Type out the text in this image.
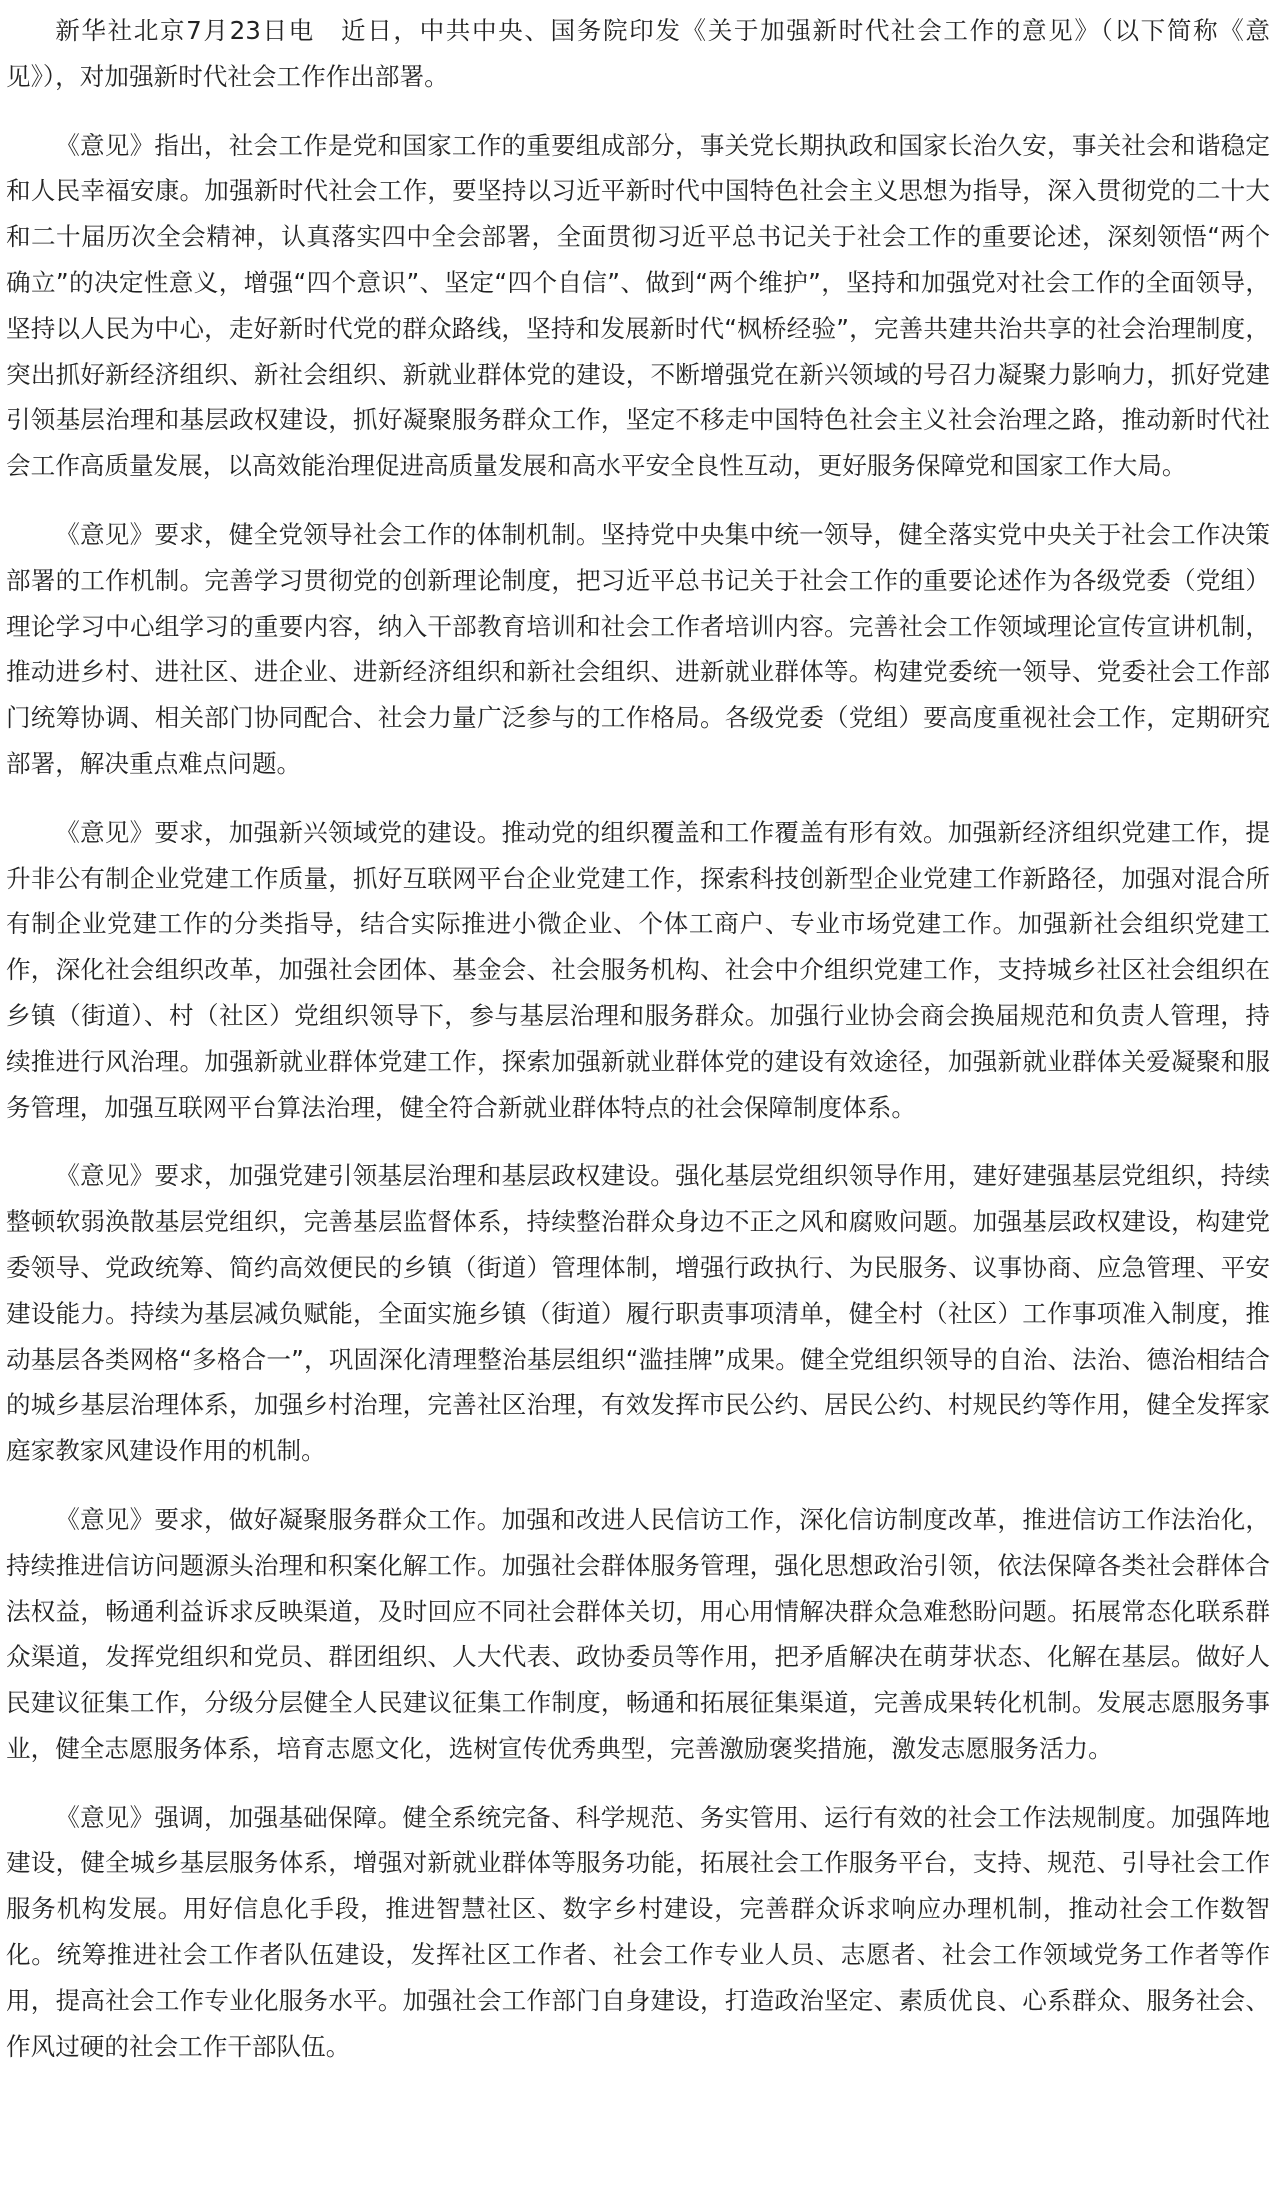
新华社北京7月23日电　近日，中共中央、国务院印发《关于加强新时代社会工作的意见》（以下简称《意见》），对加强新时代社会工作作出部署。

《意见》指出，社会工作是党和国家工作的重要组成部分，事关党长期执政和国家长治久安，事关社会和谐稳定和人民幸福安康。加强新时代社会工作，要坚持以习近平新时代中国特色社会主义思想为指导，深入贯彻党的二十大和二十届历次全会精神，认真落实四中全会部署，全面贯彻习近平总书记关于社会工作的重要论述，深刻领悟“两个确立”的决定性意义，增强“四个意识”、坚定“四个自信”、做到“两个维护”，坚持和加强党对社会工作的全面领导，坚持以人民为中心，走好新时代党的群众路线，坚持和发展新时代“枫桥经验”，完善共建共治共享的社会治理制度，突出抓好新经济组织、新社会组织、新就业群体党的建设，不断增强党在新兴领域的号召力凝聚力影响力，抓好党建引领基层治理和基层政权建设，抓好凝聚服务群众工作，坚定不移走中国特色社会主义社会治理之路，推动新时代社会工作高质量发展，以高效能治理促进高质量发展和高水平安全良性互动，更好服务保障党和国家工作大局。

《意见》要求，健全党领导社会工作的体制机制。坚持党中央集中统一领导，健全落实党中央关于社会工作决策部署的工作机制。完善学习贯彻党的创新理论制度，把习近平总书记关于社会工作的重要论述作为各级党委（党组）理论学习中心组学习的重要内容，纳入干部教育培训和社会工作者培训内容。完善社会工作领域理论宣传宣讲机制，推动进乡村、进社区、进企业、进新经济组织和新社会组织、进新就业群体等。构建党委统一领导、党委社会工作部门统筹协调、相关部门协同配合、社会力量广泛参与的工作格局。各级党委（党组）要高度重视社会工作，定期研究部署，解决重点难点问题。

《意见》要求，加强新兴领域党的建设。推动党的组织覆盖和工作覆盖有形有效。加强新经济组织党建工作，提升非公有制企业党建工作质量，抓好互联网平台企业党建工作，探索科技创新型企业党建工作新路径，加强对混合所有制企业党建工作的分类指导，结合实际推进小微企业、个体工商户、专业市场党建工作。加强新社会组织党建工作，深化社会组织改革，加强社会团体、基金会、社会服务机构、社会中介组织党建工作，支持城乡社区社会组织在乡镇（街道）、村（社区）党组织领导下，参与基层治理和服务群众。加强行业协会商会换届规范和负责人管理，持续推进行风治理。加强新就业群体党建工作，探索加强新就业群体党的建设有效途径，加强新就业群体关爱凝聚和服务管理，加强互联网平台算法治理，健全符合新就业群体特点的社会保障制度体系。

《意见》要求，加强党建引领基层治理和基层政权建设。强化基层党组织领导作用，建好建强基层党组织，持续整顿软弱涣散基层党组织，完善基层监督体系，持续整治群众身边不正之风和腐败问题。加强基层政权建设，构建党委领导、党政统筹、简约高效便民的乡镇（街道）管理体制，增强行政执行、为民服务、议事协商、应急管理、平安建设能力。持续为基层减负赋能，全面实施乡镇（街道）履行职责事项清单，健全村（社区）工作事项准入制度，推动基层各类网格“多格合一”，巩固深化清理整治基层组织“滥挂牌”成果。健全党组织领导的自治、法治、德治相结合的城乡基层治理体系，加强乡村治理，完善社区治理，有效发挥市民公约、居民公约、村规民约等作用，健全发挥家庭家教家风建设作用的机制。

《意见》要求，做好凝聚服务群众工作。加强和改进人民信访工作，深化信访制度改革，推进信访工作法治化，持续推进信访问题源头治理和积案化解工作。加强社会群体服务管理，强化思想政治引领，依法保障各类社会群体合法权益，畅通利益诉求反映渠道，及时回应不同社会群体关切，用心用情解决群众急难愁盼问题。拓展常态化联系群众渠道，发挥党组织和党员、群团组织、人大代表、政协委员等作用，把矛盾解决在萌芽状态、化解在基层。做好人民建议征集工作，分级分层健全人民建议征集工作制度，畅通和拓展征集渠道，完善成果转化机制。发展志愿服务事业，健全志愿服务体系，培育志愿文化，选树宣传优秀典型，完善激励褒奖措施，激发志愿服务活力。

《意见》强调，加强基础保障。健全系统完备、科学规范、务实管用、运行有效的社会工作法规制度。加强阵地建设，健全城乡基层服务体系，增强对新就业群体等服务功能，拓展社会工作服务平台，支持、规范、引导社会工作服务机构发展。用好信息化手段，推进智慧社区、数字乡村建设，完善群众诉求响应办理机制，推动社会工作数智化。统筹推进社会工作者队伍建设，发挥社区工作者、社会工作专业人员、志愿者、社会工作领域党务工作者等作用，提高社会工作专业化服务水平。加强社会工作部门自身建设，打造政治坚定、素质优良、心系群众、服务社会、作风过硬的社会工作干部队伍。
